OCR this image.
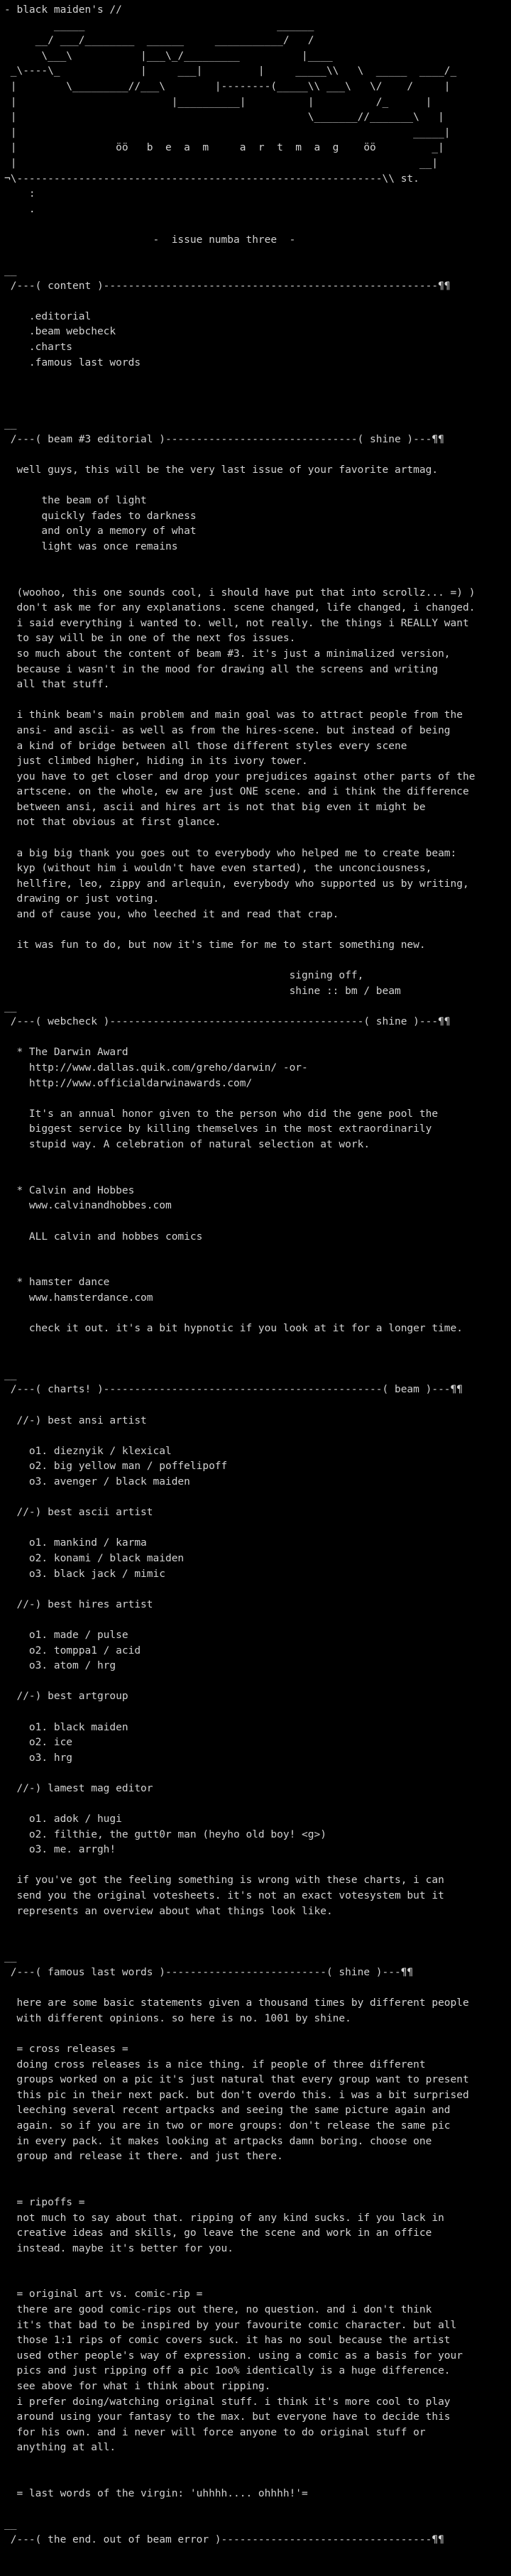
- black maiden's //
_____                               ______
__/ ___/________  ______     ___________/   /
\___\           |___\_/_________          |____
_\----\_             |     ___|         |     _____\\   \  _____  ____/_
|        \_________//___\        |--------(_____\\ ___\   \/    /     |
|                         |__________|          |          /_      |
|                                               \_______//_______\   |
|                                                                _____|
|                öö   b  e  a  m     a  r  t  m  a  g    öö         _|
|                                                                 __|
¬\-----------------------------------------------------------\\ st.
:
.

-  issue numba three  -

__
/---( content )------------------------------------------------------¶¶

.editorial
.beam webcheck
.charts
.famous last words

__
/---( beam #3 editorial )-------------------------------( shine )---¶¶

well guys, this will be the very last issue of your favorite artmag.

the beam of light
quickly fades to darkness
and only a memory of what
light was once remains

(woohoo, this one sounds cool, i should have put that into scrollz... =) )
don't ask me for any explanations. scene changed, life changed, i changed.
i said everything i wanted to. well, not really. the things i REALLY want
to say will be in one of the next fos issues.
so much about the content of beam #3. it's just a minimalized version,
because i wasn't in the mood for drawing all the screens and writing
all that stuff.

i think beam's main problem and main goal was to attract people from the
ansi- and ascii- as well as from the hires-scene. but instead of being
a kind of bridge between all those different styles every scene
just climbed higher, hiding in its ivory tower.
you have to get closer and drop your prejudices against other parts of the
artscene. on the whole, ew are just ONE scene. and i think the difference
between ansi, ascii and hires art is not that big even it might be
not that obvious at first glance.

a big big thank you goes out to everybody who helped me to create beam:
kyp (without him i wouldn't have even started), the unconciousness,
hellfire, leo, zippy and arlequin, everybody who supported us by writing,
drawing or just voting.
and of cause you, who leeched it and read that crap.

it was fun to do, but now it's time for me to start something new.

signing off,
shine :: bm / beam
__
/---( webcheck )-----------------------------------------( shine )---¶¶

* The Darwin Award
http://www.dallas.quik.com/greho/darwin/ -or-
http://www.officialdarwinawards.com/

It's an annual honor given to the person who did the gene pool the
biggest service by killing themselves in the most extraordinarily
stupid way. A celebration of natural selection at work.

* Calvin and Hobbes
www.calvinandhobbes.com

ALL calvin and hobbes comics

* hamster dance
www.hamsterdance.com

check it out. it's a bit hypnotic if you look at it for a longer time.

__
/---( charts! )---------------------------------------------( beam )---¶¶

//-) best ansi artist

o1. dieznyik / klexical
o2. big yellow man / poffelipoff
o3. avenger / black maiden

//-) best ascii artist

o1. mankind / karma
o2. konami / black maiden
o3. black jack / mimic

//-) best hires artist

o1. made / pulse
o2. tomppa1 / acid
o3. atom / hrg

//-) best artgroup

o1. black maiden
o2. ice
o3. hrg

//-) lamest mag editor

o1. adok / hugi
o2. filthie, the gutt0r man (heyho old boy! <g>)
o3. me. arrgh!

if you've got the feeling something is wrong with these charts, i can
send you the original votesheets. it's not an exact votesystem but it
represents an overview about what things look like.

__
/---( famous last words )--------------------------( shine )---¶¶

here are some basic statements given a thousand times by different people
with different opinions. so here is no. 1001 by shine.

= cross releases =
doing cross releases is a nice thing. if people of three different
groups worked on a pic it's just natural that every group want to present
this pic in their next pack. but don't overdo this. i was a bit surprised
leeching several recent artpacks and seeing the same picture again and
again. so if you are in two or more groups: don't release the same pic
in every pack. it makes looking at artpacks damn boring. choose one
group and release it there. and just there.

= ripoffs =
not much to say about that. ripping of any kind sucks. if you lack in
creative ideas and skills, go leave the scene and work in an office
instead. maybe it's better for you.

= original art vs. comic-rip =
there are good comic-rips out there, no question. and i don't think
it's that bad to be inspired by your favourite comic character. but all
those 1:1 rips of comic covers suck. it has no soul because the artist
used other people's way of expression. using a comic as a basis for your
pics and just ripping off a pic 1oo% identically is a huge difference.
see above for what i think about ripping.
i prefer doing/watching original stuff. i think it's more cool to play
around using your fantasy to the max. but everyone have to decide this
for his own. and i never will force anyone to do original stuff or
anything at all.

= last words of the virgin: 'uhhhh.... ohhhh!'=

__
/---( the end. out of beam error )----------------------------------¶¶
